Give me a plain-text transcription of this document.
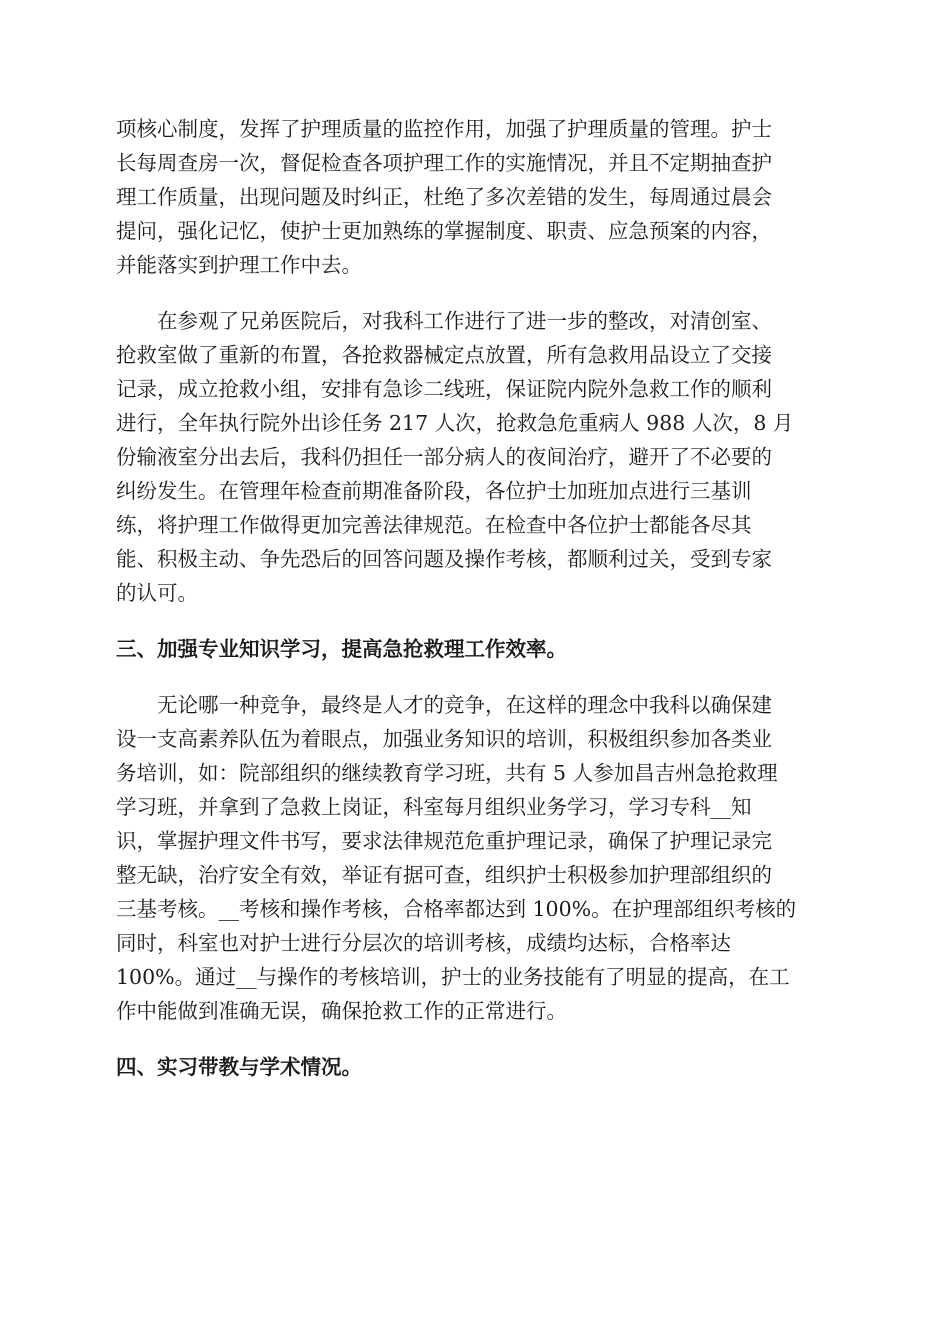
项核心制度，发挥了护理质量的监控作用，加强了护理质量的管理。护士
长每周查房一次，督促检查各项护理工作的实施情况，并且不定期抽查护
理工作质量，出现问题及时纠正，杜绝了多次差错的发生，每周通过晨会
提问，强化记忆，使护士更加熟练的掌握制度、职责、应急预案的内容，
并能落实到护理工作中去。
　　在参观了兄弟医院后，对我科工作进行了进一步的整改，对清创室、
抢救室做了重新的布置，各抢救器械定点放置，所有急救用品设立了交接
记录，成立抢救小组，安排有急诊二线班，保证院内院外急救工作的顺利
进行，全年执行院外出诊任务 217 人次，抢救急危重病人 988 人次，8 月
份输液室分出去后，我科仍担任一部分病人的夜间治疗，避开了不必要的
纠纷发生。在管理年检查前期准备阶段，各位护士加班加点进行三基训
练，将护理工作做得更加完善法律规范。在检查中各位护士都能各尽其
能、积极主动、争先恐后的回答问题及操作考核，都顺利过关，受到专家
的认可。
三、加强专业知识学习，提高急抢救理工作效率。
　　无论哪一种竞争，最终是人才的竞争，在这样的理念中我科以确保建
设一支高素养队伍为着眼点，加强业务知识的培训，积极组织参加各类业
务培训，如：院部组织的继续教育学习班，共有 5 人参加昌吉州急抢救理
学习班，并拿到了急救上岗证，科室每月组织业务学习，学习专科__知
识，掌握护理文件书写，要求法律规范危重护理记录，确保了护理记录完
整无缺，治疗安全有效，举证有据可查，组织护士积极参加护理部组织的
三基考核。__考核和操作考核，合格率都达到 100%。在护理部组织考核的
同时，科室也对护士进行分层次的培训考核，成绩均达标，合格率达
100%。通过__与操作的考核培训，护士的业务技能有了明显的提高，在工
作中能做到准确无误，确保抢救工作的正常进行。
四、实习带教与学术情况。
